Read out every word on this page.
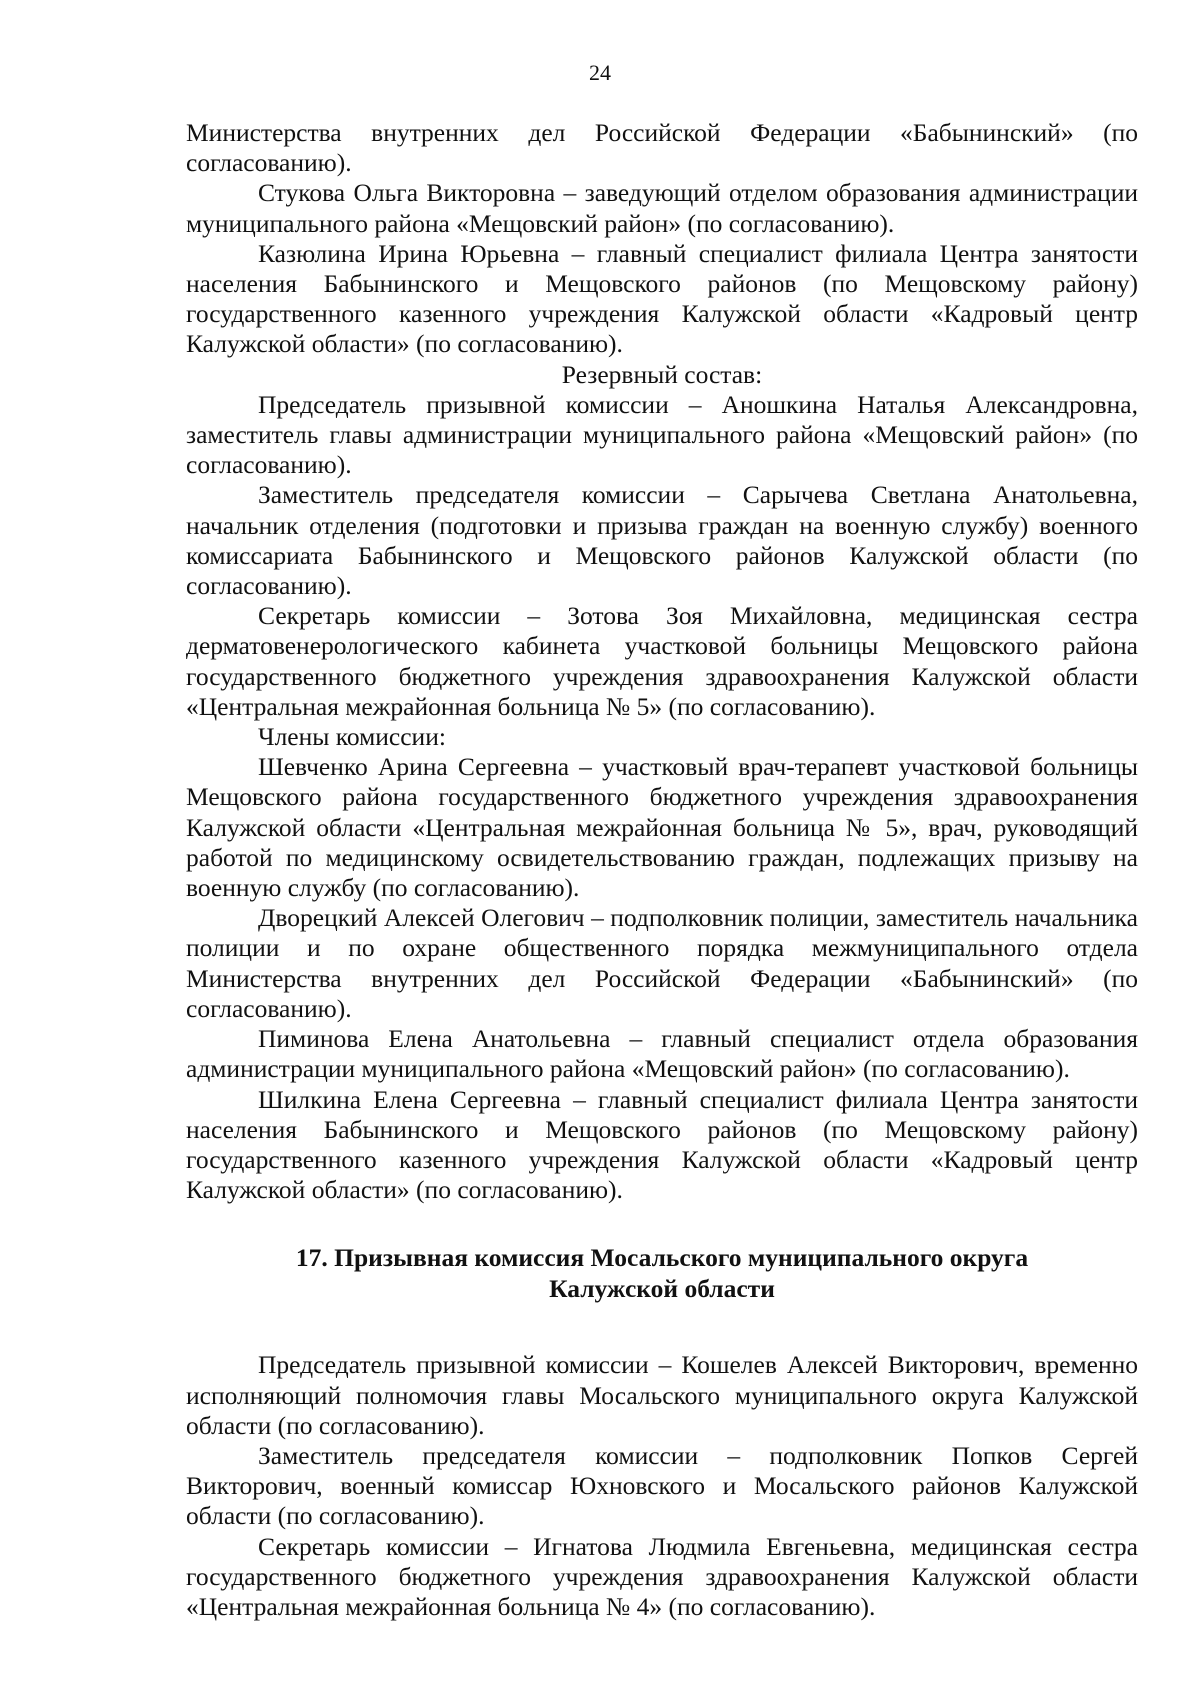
24

Министерства внутренних дел Российской Федерации «Бабынинский» (по согласованию).

Стукова Ольга Викторовна – заведующий отделом образования администрации муниципального района «Мещовский район» (по согласованию).

Казюлина Ирина Юрьевна – главный специалист филиала Центра занятости населения Бабынинского и Мещовского районов (по Мещовскому району) государственного казенного учреждения Калужской области «Кадровый центр Калужской области» (по согласованию).

Резервный состав:

Председатель призывной комиссии – Аношкина Наталья Александровна, заместитель главы администрации муниципального района «Мещовский район» (по согласованию).

Заместитель председателя комиссии – Сарычева Светлана Анатольевна, начальник отделения (подготовки и призыва граждан на военную службу) военного комиссариата Бабынинского и Мещовского районов Калужской области (по согласованию).

Секретарь комиссии – Зотова Зоя Михайловна, медицинская сестра дерматовенерологического кабинета участковой больницы Мещовского района государственного бюджетного учреждения здравоохранения Калужской области «Центральная межрайонная больница № 5» (по согласованию).

Члены комиссии:

Шевченко Арина Сергеевна – участковый врач-терапевт участковой больницы Мещовского района государственного бюджетного учреждения здравоохранения Калужской области «Центральная межрайонная больница № 5», врач, руководящий работой по медицинскому освидетельствованию граждан, подлежащих призыву на военную службу (по согласованию).

Дворецкий Алексей Олегович – подполковник полиции, заместитель начальника полиции и по охране общественного порядка межмуниципального отдела Министерства внутренних дел Российской Федерации «Бабынинский» (по согласованию).

Пиминова Елена Анатольевна – главный специалист отдела образования администрации муниципального района «Мещовский район» (по согласованию).

Шилкина Елена Сергеевна – главный специалист филиала Центра занятости населения Бабынинского и Мещовского районов (по Мещовскому району) государственного казенного учреждения Калужской области «Кадровый центр Калужской области» (по согласованию).

17. Призывная комиссия Мосальского муниципального округа
Калужской области

Председатель призывной комиссии – Кошелев Алексей Викторович, временно исполняющий полномочия главы Мосальского муниципального округа Калужской области (по согласованию).

Заместитель председателя комиссии – подполковник Попков Сергей Викторович, военный комиссар Юхновского и Мосальского районов Калужской области (по согласованию).

Секретарь комиссии – Игнатова Людмила Евгеньевна, медицинская сестра государственного бюджетного учреждения здравоохранения Калужской области «Центральная межрайонная больница № 4» (по согласованию).
